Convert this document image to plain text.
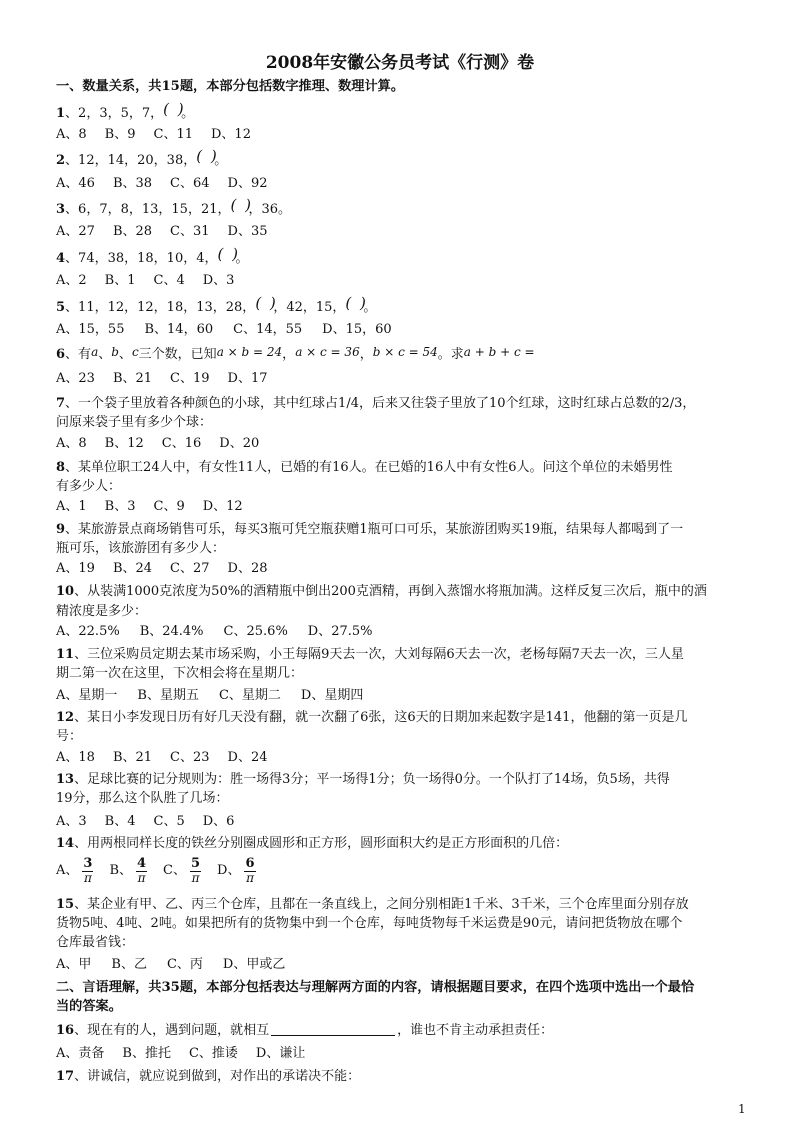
2008年安徽公务员考试《行测》卷
一、数量关系，共15题，本部分包括数字推理、数理计算。
1、2，3，5，7，( )。
A、8 B、9 C、11 D、12
2、12，14，20，38，( )。
A、46 B、38 C、64 D、92
3、6，7，8，13，15，21，( )，36。
A、27 B、28 C、31 D、35
4、74，38，18，10，4，( )。
A、2 B、1 C、4 D、3
5、11，12，12，18，13，28，( )，42，15，( )。
A、15，55 B、14，60 C、14，55 D、15，60
6、有a、b、c三个数，已知a × b = 24，a × c = 36，b × c = 54。求a + b + c =
A、23 B、21 C、19 D、17
7、一个袋子里放着各种颜色的小球，其中红球占1/4，后来又往袋子里放了10个红球，这时红球占总数的2/3，
问原来袋子里有多少个球：
A、8 B、12 C、16 D、20
8、某单位职工24人中，有女性11人，已婚的有16人。在已婚的16人中有女性6人。问这个单位的未婚男性
有多少人：
A、1 B、3 C、9 D、12
9、某旅游景点商场销售可乐，每买3瓶可凭空瓶获赠1瓶可口可乐，某旅游团购买19瓶，结果每人都喝到了一
瓶可乐，该旅游团有多少人：
A、19 B、24 C、27 D、28
10、从装满1000克浓度为50%的酒精瓶中倒出200克酒精，再倒入蒸馏水将瓶加满。这样反复三次后，瓶中的酒
精浓度是多少：
A、22.5% B、24.4% C、25.6% D、27.5%
11、三位采购员定期去某市场采购，小王每隔9天去一次，大刘每隔6天去一次，老杨每隔7天去一次，三人星
期二第一次在这里，下次相会将在星期几：
A、星期一 B、星期五 C、星期二 D、星期四
12、某日小李发现日历有好几天没有翻，就一次翻了6张，这6天的日期加来起数字是141，他翻的第一页是几
号：
A、18 B、21 C、23 D、24
13、足球比赛的记分规则为：胜一场得3分；平一场得1分；负一场得0分。一个队打了14场，负5场，共得
19分，那么这个队胜了几场：
A、3 B、4 C、5 D、6
14、用两根同样长度的铁丝分别圈成圆形和正方形，圆形面积大约是正方形面积的几倍：
A、 $\frac{3}{\pi}$ B、 $\frac{4}{\pi}$ C、 $\frac{5}{\pi}$ D、 $\frac{6}{\pi}$
15、某企业有甲、乙、丙三个仓库，且都在一条直线上，之间分别相距1千米、3千米，三个仓库里面分别存放
货物5吨、4吨、2吨。如果把所有的货物集中到一个仓库，每吨货物每千米运费是90元，请问把货物放在哪个
仓库最省钱：
A、甲 B、乙 C、丙 D、甲或乙
二、言语理解，共35题，本部分包括表达与理解两方面的内容，请根据题目要求，在四个选项中选出一个最恰
当的答案。
16、现在有的人，遇到问题，就相互	，谁也不肯主动承担责任：
A、责备 B、推托 C、推诿 D、谦让
17、讲诚信，就应说到做到，对作出的承诺决不能：
1
